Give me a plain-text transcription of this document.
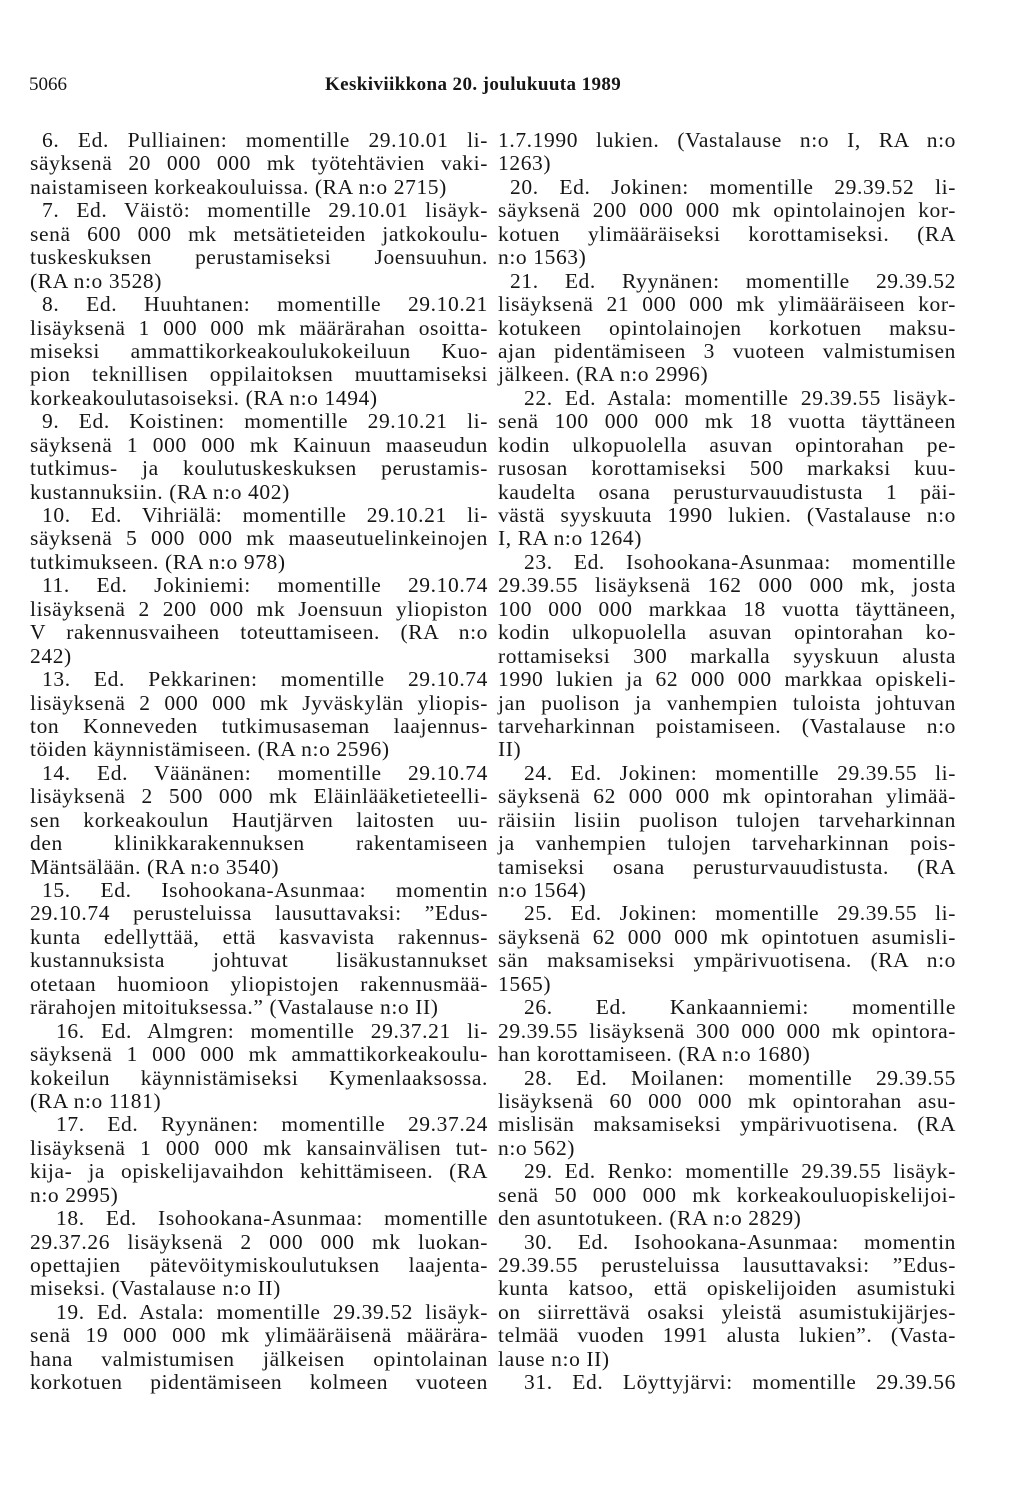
5066	Keskiviikkona 20. joulukuuta 1989
6. Ed. Pulliainen: momentille 29.10.01 li-
säyksenä 20 000 000 mk työtehtävien vaki-
naistamiseen korkeakouluissa. (RA n:o 2715)
7. Ed. Väistö: momentille 29.10.01 lisäyk-
senä 600 000 mk metsätieteiden jatkokoulu-
tuskeskuksen perustamiseksi Joensuuhun.
(RA n:o 3528)
8. Ed. Huuhtanen: momentille 29.10.21
lisäyksenä 1 000 000 mk määrärahan osoitta-
miseksi ammattikorkeakoulukokeiluun Kuo-
pion teknillisen oppilaitoksen muuttamiseksi
korkeakoulutasoiseksi. (RA n:o 1494)
9. Ed. Koistinen: momentille 29.10.21 li-
säyksenä 1 000 000 mk Kainuun maaseudun
tutkimus- ja koulutuskeskuksen perustamis-
kustannuksiin. (RA n:o 402)
10. Ed. Vihriälä: momentille 29.10.21 li-
säyksenä 5 000 000 mk maaseutuelinkeinojen
tutkimukseen. (RA n:o 978)
11. Ed. Jokiniemi: momentille 29.10.74
lisäyksenä 2 200 000 mk Joensuun yliopiston
V rakennusvaiheen toteuttamiseen. (RA n:o
242)
13. Ed. Pekkarinen: momentille 29.10.74
lisäyksenä 2 000 000 mk Jyväskylän yliopis-
ton Konneveden tutkimusaseman laajennus-
töiden käynnistämiseen. (RA n:o 2596)
14. Ed. Väänänen: momentille 29.10.74
lisäyksenä 2 500 000 mk Eläinlääketieteelli-
sen korkeakoulun Hautjärven laitosten uu-
den klinikkarakennuksen rakentamiseen
Mäntsälään. (RA n:o 3540)
15. Ed. Isohookana-Asunmaa: momentin
29.10.74 perusteluissa lausuttavaksi: ”Edus-
kunta edellyttää, että kasvavista rakennus-
kustannuksista johtuvat lisäkustannukset
otetaan huomioon yliopistojen rakennusmää-
rärahojen mitoituksessa.” (Vastalause n:o II)
16. Ed. Almgren: momentille 29.37.21 li-
säyksenä 1 000 000 mk ammattikorkeakoulu-
kokeilun käynnistämiseksi Kymenlaaksossa.
(RA n:o 1181)
17. Ed. Ryynänen: momentille 29.37.24
lisäyksenä 1 000 000 mk kansainvälisen tut-
kija- ja opiskelijavaihdon kehittämiseen. (RA
n:o 2995)
18. Ed. Isohookana-Asunmaa: momentille
29.37.26 lisäyksenä 2 000 000 mk luokan-
opettajien pätevöitymiskoulutuksen laajenta-
miseksi. (Vastalause n:o II)
19. Ed. Astala: momentille 29.39.52 lisäyk-
senä 19 000 000 mk ylimääräisenä määrära-
hana valmistumisen jälkeisen opintolainan
korkotuen pidentämiseen kolmeen vuoteen
1.7.1990 lukien. (Vastalause n:o I, RA n:o
1263)
20. Ed. Jokinen: momentille 29.39.52 li-
säyksenä 200 000 000 mk opintolainojen kor-
kotuen ylimääräiseksi korottamiseksi. (RA
n:o 1563)
21. Ed. Ryynänen: momentille 29.39.52
lisäyksenä 21 000 000 mk ylimääräiseen kor-
kotukeen opintolainojen korkotuen maksu-
ajan pidentämiseen 3 vuoteen valmistumisen
jälkeen. (RA n:o 2996)
22. Ed. Astala: momentille 29.39.55 lisäyk-
senä 100 000 000 mk 18 vuotta täyttäneen
kodin ulkopuolella asuvan opintorahan pe-
rusosan korottamiseksi 500 markaksi kuu-
kaudelta osana perusturvauudistusta 1 päi-
västä syyskuuta 1990 lukien. (Vastalause n:o
I, RA n:o 1264)
23. Ed. Isohookana-Asunmaa: momentille
29.39.55 lisäyksenä 162 000 000 mk, josta
100 000 000 markkaa 18 vuotta täyttäneen,
kodin ulkopuolella asuvan opintorahan ko-
rottamiseksi 300 markalla syyskuun alusta
1990 lukien ja 62 000 000 markkaa opiskeli-
jan puolison ja vanhempien tuloista johtuvan
tarveharkinnan poistamiseen. (Vastalause n:o
II)
24. Ed. Jokinen: momentille 29.39.55 li-
säyksenä 62 000 000 mk opintorahan ylimää-
räisiin lisiin puolison tulojen tarveharkinnan
ja vanhempien tulojen tarveharkinnan pois-
tamiseksi osana perusturvauudistusta. (RA
n:o 1564)
25. Ed. Jokinen: momentille 29.39.55 li-
säyksenä 62 000 000 mk opintotuen asumisli-
sän maksamiseksi ympärivuotisena. (RA n:o
1565)
26. Ed. Kankaanniemi: momentille
29.39.55 lisäyksenä 300 000 000 mk opintora-
han korottamiseen. (RA n:o 1680)
28. Ed. Moilanen: momentille 29.39.55
lisäyksenä 60 000 000 mk opintorahan asu-
mislisän maksamiseksi ympärivuotisena. (RA
n:o 562)
29. Ed. Renko: momentille 29.39.55 lisäyk-
senä 50 000 000 mk korkeakouluopiskelijoi-
den asuntotukeen. (RA n:o 2829)
30. Ed. Isohookana-Asunmaa: momentin
29.39.55 perusteluissa lausuttavaksi: ”Edus-
kunta katsoo, että opiskelijoiden asumistuki
on siirrettävä osaksi yleistä asumistukijärjes-
telmää vuoden 1991 alusta lukien”. (Vasta-
lause n:o II)
31. Ed. Löyttyjärvi: momentille 29.39.56
